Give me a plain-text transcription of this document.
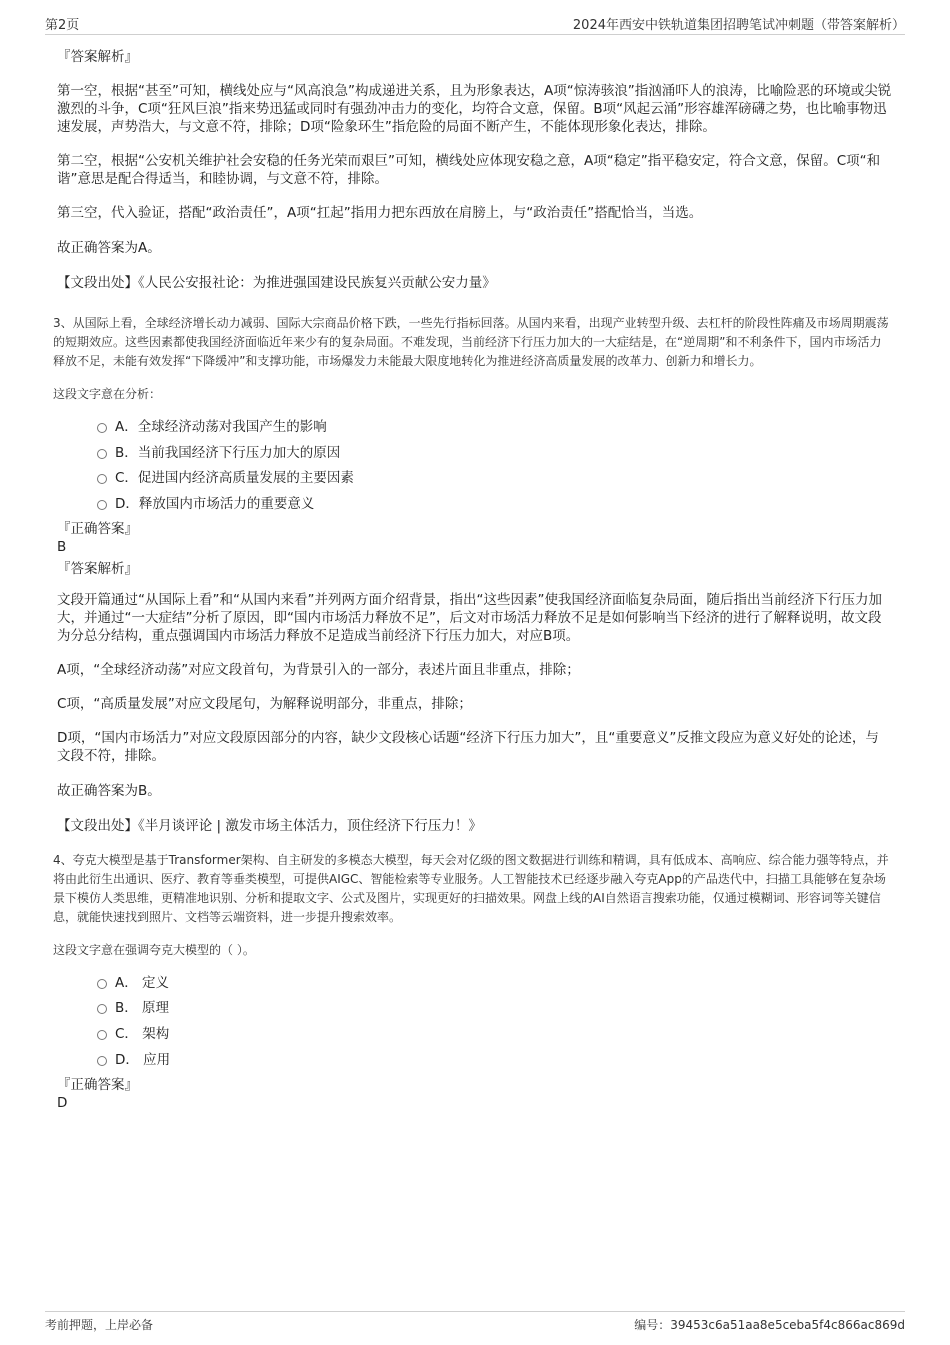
第2页	2024年西安中铁轨道集团招聘笔试冲刺题（带答案解析）

『答案解析』

第一空，根据“甚至”可知，横线处应与“风高浪急”构成递进关系，且为形象表达，A项“惊涛骇浪”指汹涌吓人的浪涛，比喻险恶的环境或尖锐激烈的斗争，C项“狂风巨浪”指来势迅猛或同时有强劲冲击力的变化，均符合文意，保留。B项“风起云涌”形容雄浑磅礴之势，也比喻事物迅速发展，声势浩大，与文意不符，排除；D项“险象环生”指危险的局面不断产生，不能体现形象化表达，排除。

第二空，根据“公安机关维护社会安稳的任务光荣而艰巨”可知，横线处应体现安稳之意，A项“稳定”指平稳安定，符合文意，保留。C项“和谐”意思是配合得适当，和睦协调，与文意不符，排除。

第三空，代入验证，搭配“政治责任”，A项“扛起”指用力把东西放在肩膀上，与“政治责任”搭配恰当，当选。

故正确答案为A。

【文段出处】《人民公安报社论：为推进强国建设民族复兴贡献公安力量》

3、从国际上看，全球经济增长动力减弱、国际大宗商品价格下跌，一些先行指标回落。从国内来看，出现产业转型升级、去杠杆的阶段性阵痛及市场周期震荡的短期效应。这些因素都使我国经济面临近年来少有的复杂局面。不难发现，当前经济下行压力加大的一大症结是，在“逆周期”和不利条件下，国内市场活力释放不足，未能有效发挥“下降缓冲”和支撑功能，市场爆发力未能最大限度地转化为推进经济高质量发展的改革力、创新力和增长力。

这段文字意在分析：

A．全球经济动荡对我国产生的影响
B．当前我国经济下行压力加大的原因
C．促进国内经济高质量发展的主要因素
D．释放国内市场活力的重要意义

『正确答案』

B

『答案解析』

文段开篇通过“从国际上看”和“从国内来看”并列两方面介绍背景，指出“这些因素”使我国经济面临复杂局面，随后指出当前经济下行压力加大，并通过“一大症结”分析了原因，即“国内市场活力释放不足”，后文对市场活力释放不足是如何影响当下经济的进行了解释说明，故文段为分总分结构，重点强调国内市场活力释放不足造成当前经济下行压力加大，对应B项。

A项，“全球经济动荡”对应文段首句，为背景引入的一部分，表述片面且非重点，排除；

C项，“高质量发展”对应文段尾句，为解释说明部分，非重点，排除；

D项，“国内市场活力”对应文段原因部分的内容，缺少文段核心话题“经济下行压力加大”，且“重要意义”反推文段应为意义好处的论述，与文段不符，排除。

故正确答案为B。

【文段出处】《半月谈评论 | 激发市场主体活力，顶住经济下行压力！》

4、夸克大模型是基于Transformer架构、自主研发的多模态大模型，每天会对亿级的图文数据进行训练和精调，具有低成本、高响应、综合能力强等特点，并将由此衍生出通识、医疗、教育等垂类模型，可提供AIGC、智能检索等专业服务。人工智能技术已经逐步融入夸克App的产品迭代中，扫描工具能够在复杂场景下模仿人类思维，更精准地识别、分析和提取文字、公式及图片，实现更好的扫描效果。网盘上线的AI自然语言搜索功能，仅通过模糊词、形容词等关键信息，就能快速找到照片、文档等云端资料，进一步提升搜索效率。

这段文字意在强调夸克大模型的（ ）。

A． 定义
B． 原理
C． 架构
D． 应用

『正确答案』

D

考前押题，上岸必备	编号：39453c6a51aa8e5ceba5f4c866ac869d
